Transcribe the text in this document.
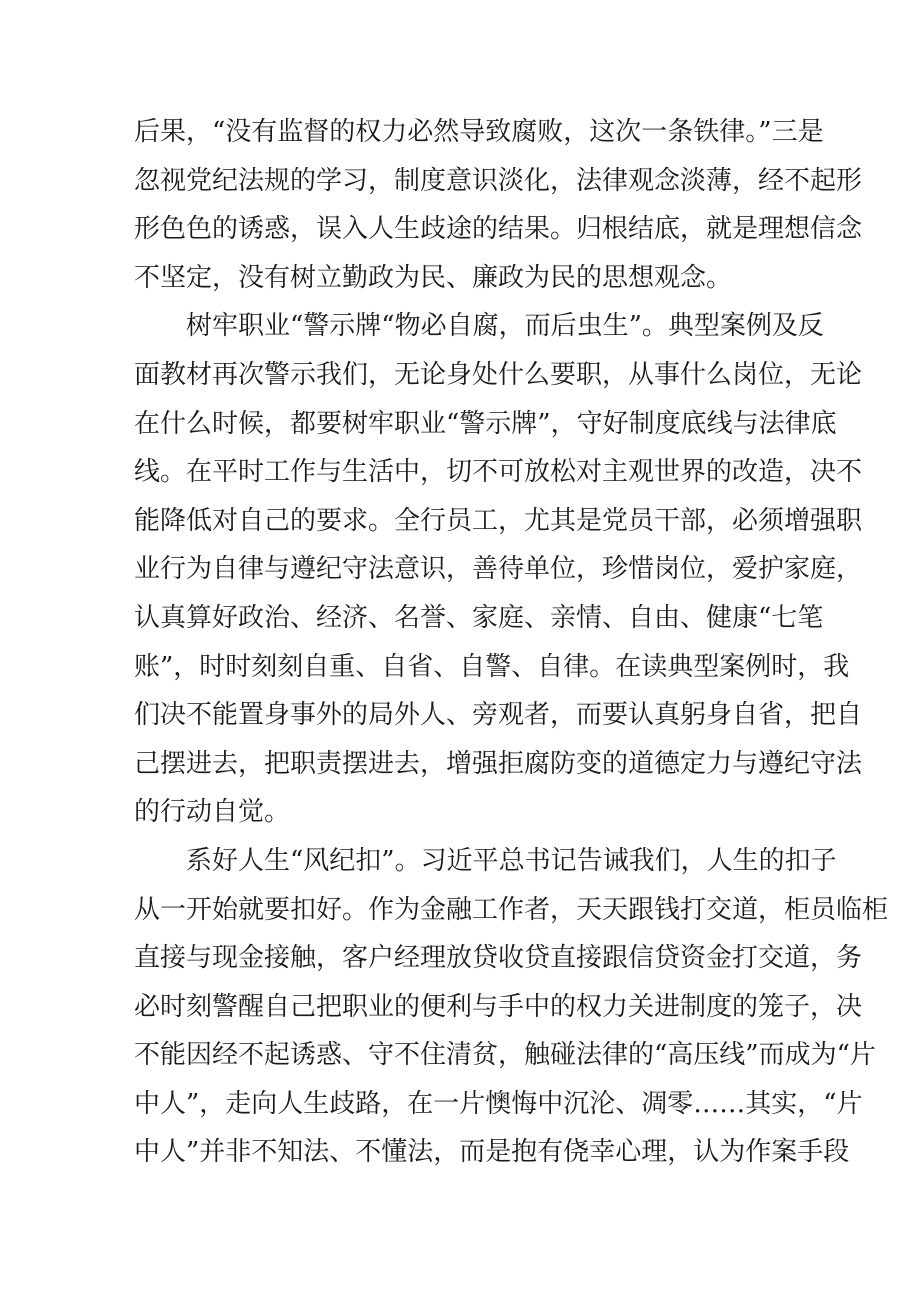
后果，“没有监督的权力必然导致腐败，这次一条铁律。”三是
忽视党纪法规的学习，制度意识淡化，法律观念淡薄，经不起形
形色色的诱惑，误入人生歧途的结果。归根结底，就是理想信念
不坚定，没有树立勤政为民、廉政为民的思想观念。
　　树牢职业“警示牌“物必自腐，而后虫生”。典型案例及反
面教材再次警示我们，无论身处什么要职，从事什么岗位，无论
在什么时候，都要树牢职业“警示牌”，守好制度底线与法律底
线。在平时工作与生活中，切不可放松对主观世界的改造，决不
能降低对自己的要求。全行员工，尤其是党员干部，必须增强职
业行为自律与遵纪守法意识，善待单位，珍惜岗位，爱护家庭，
认真算好政治、经济、名誉、家庭、亲情、自由、健康“七笔
账”，时时刻刻自重、自省、自警、自律。在读典型案例时，我
们决不能置身事外的局外人、旁观者，而要认真躬身自省，把自
己摆进去，把职责摆进去，增强拒腐防变的道德定力与遵纪守法
的行动自觉。
　　系好人生“风纪扣”。习近平总书记告诫我们，人生的扣子
从一开始就要扣好。作为金融工作者，天天跟钱打交道，柜员临柜
直接与现金接触，客户经理放贷收贷直接跟信贷资金打交道，务
必时刻警醒自己把职业的便利与手中的权力关进制度的笼子，决
不能因经不起诱惑、守不住清贫，触碰法律的“高压线”而成为“片
中人”，走向人生歧路，在一片懊悔中沉沦、凋零……其实，“片
中人”并非不知法、不懂法，而是抱有侥幸心理，认为作案手段
